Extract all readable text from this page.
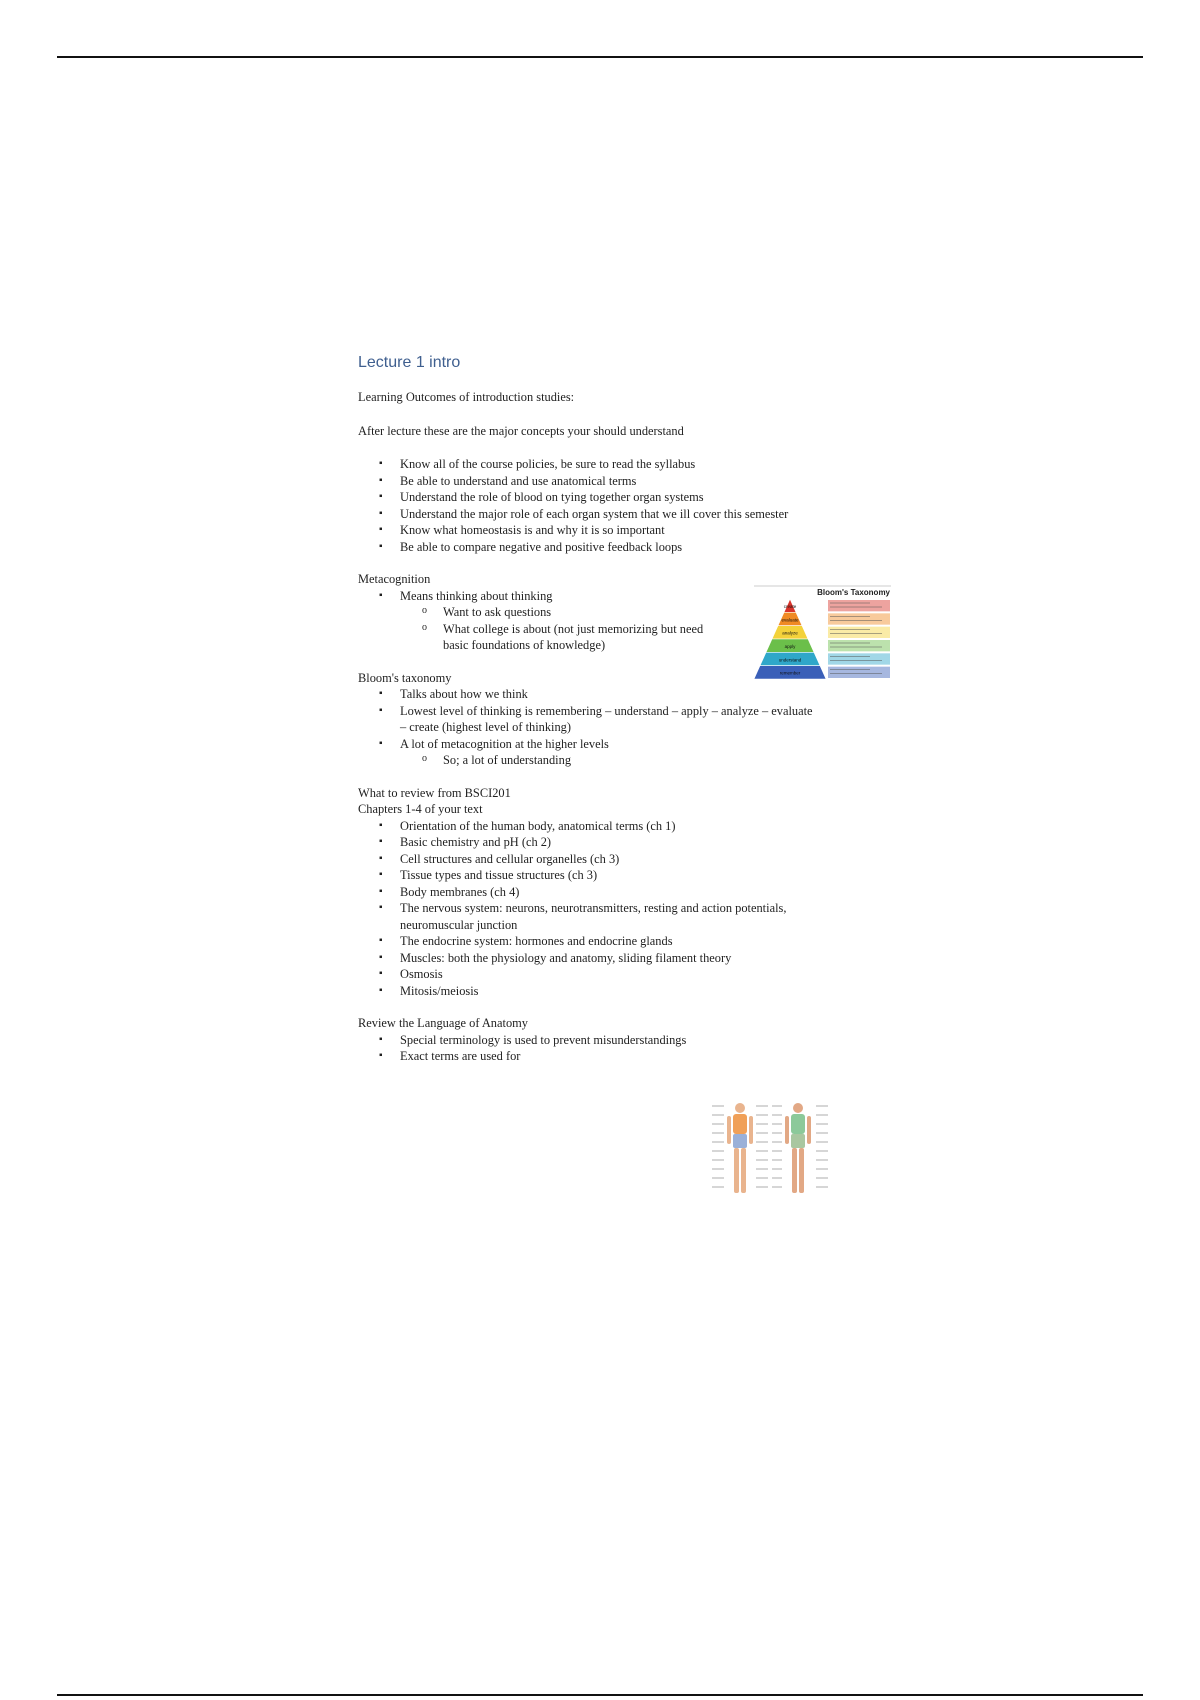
Lecture 1 intro

Learning Outcomes of introduction studies:

After lecture these are the major concepts your should understand

▪ Know all of the course policies, be sure to read the syllabus
▪ Be able to understand and use anatomical terms
▪ Understand the role of blood on tying together organ systems
▪ Understand the major role of each organ system that we ill cover this semester
▪ Know what homeostasis is and why it is so important
▪ Be able to compare negative and positive feedback loops

Metacognition

▪ Means thinking about thinking
o Want to ask questions
o What college is about (not just memorizing but need basic foundations of knowledge)

Bloom's taxonomy

▪ Talks about how we think
▪ Lowest level of thinking is remembering – understand – apply – analyze – evaluate – create (highest level of thinking)
▪ A lot of metacognition at the higher levels
o So; a lot of understanding

What to review from BSCI201

Chapters 1-4 of your text

▪ Orientation of the human body, anatomical terms (ch 1)
▪ Basic chemistry and pH (ch 2)
▪ Cell structures and cellular organelles (ch 3)
▪ Tissue types and tissue structures (ch 3)
▪ Body membranes (ch 4)
▪ The nervous system: neurons, neurotransmitters, resting and action potentials, neuromuscular junction
▪ The endocrine system: hormones and endocrine glands
▪ Muscles: both the physiology and anatomy, sliding filament theory
▪ Osmosis
▪ Mitosis/meiosis

Review the Language of Anatomy

▪ Special terminology is used to prevent misunderstandings
▪ Exact terms are used for
Bloom's Taxonomy
create
evaluate
analyze
apply
understand
remember
